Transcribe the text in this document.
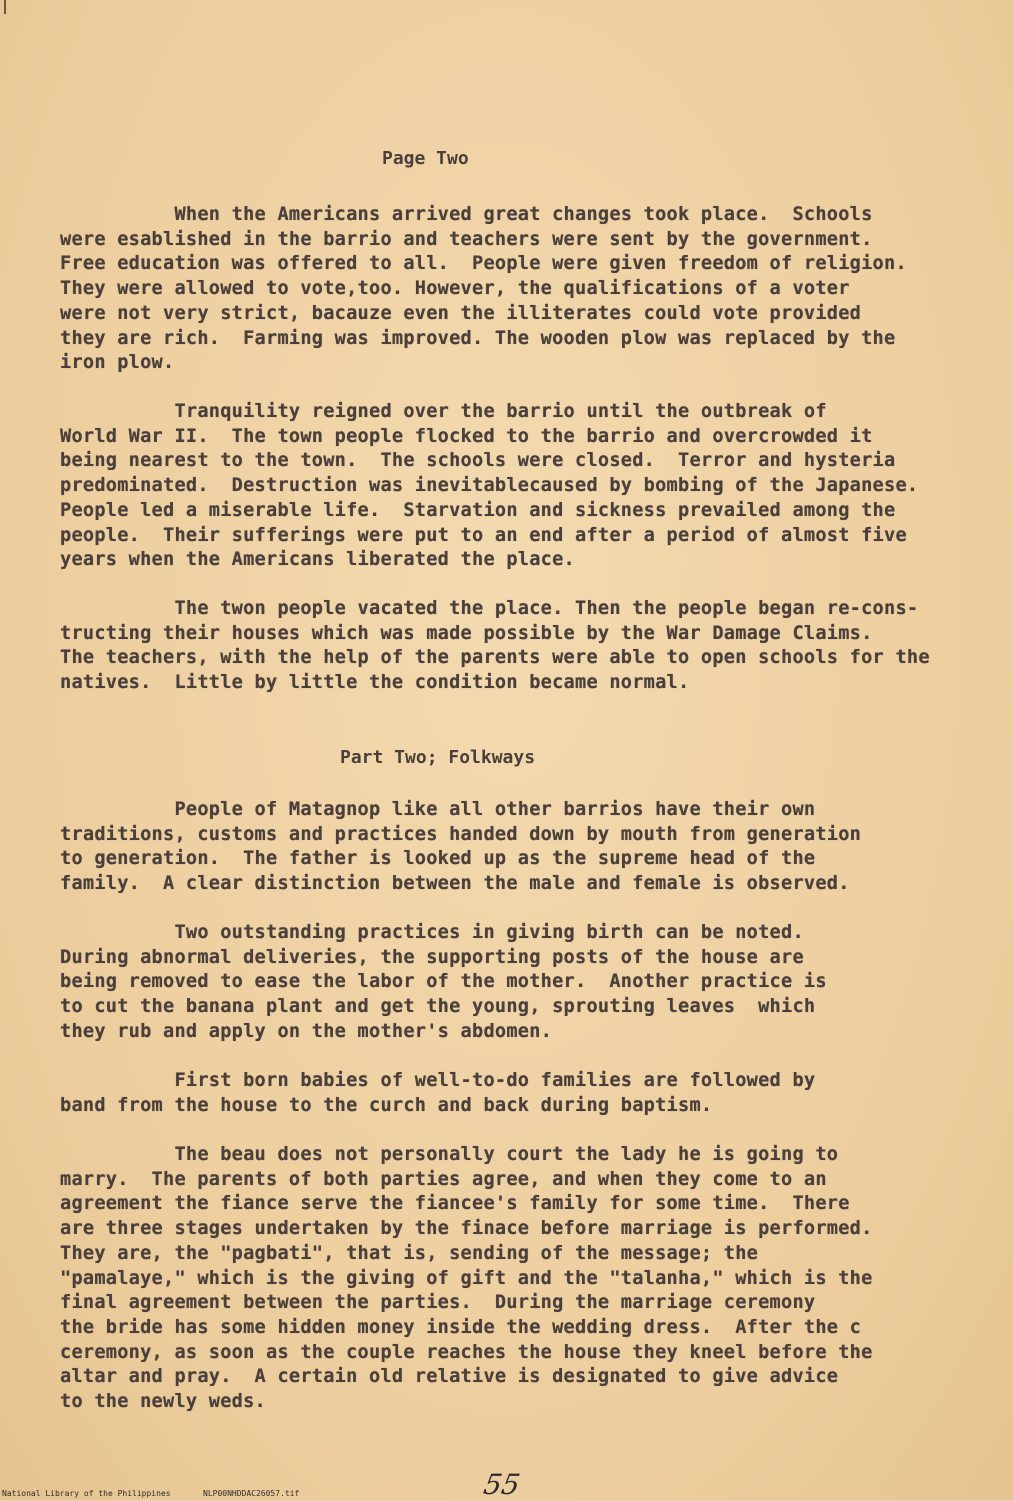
Page Two
When the Americans arrived great changes took place.  Schools
were esablished in the barrio and teachers were sent by the government.
Free education was offered to all.  People were given freedom of religion.
They were allowed to vote,too. However, the qualifications of a voter
were not very strict, bacauze even the illiterates could vote provided
they are rich.  Farming was improved. The wooden plow was replaced by the
iron plow.
Tranquility reigned over the barrio until the outbreak of
World War II.  The town people flocked to the barrio and overcrowded it
being nearest to the town.  The schools were closed.  Terror and hysteria
predominated.  Destruction was inevitablecaused by bombing of the Japanese.
People led a miserable life.  Starvation and sickness prevailed among the
people.  Their sufferings were put to an end after a period of almost five
years when the Americans liberated the place.
The twon people vacated the place. Then the people began re-cons-
tructing their houses which was made possible by the War Damage Claims.
The teachers, with the help of the parents were able to open schools for the
natives.  Little by little the condition became normal.
Part Two; Folkways
People of Matagnop like all other barrios have their own
traditions, customs and practices handed down by mouth from generation
to generation.  The father is looked up as the supreme head of the
family.  A clear distinction between the male and female is observed.
Two outstanding practices in giving birth can be noted.
During abnormal deliveries, the supporting posts of the house are
being removed to ease the labor of the mother.  Another practice is
to cut the banana plant and get the young, sprouting leaves  which
they rub and apply on the mother's abdomen.
First born babies of well-to-do families are followed by
band from the house to the curch and back during baptism.
The beau does not personally court the lady he is going to
marry.  The parents of both parties agree, and when they come to an
agreement the fiance serve the fiancee's family for some time.  There
are three stages undertaken by the finace before marriage is performed.
They are, the "pagbati", that is, sending of the message; the
"pamalaye," which is the giving of gift and the "talanha," which is the
final agreement between the parties.  During the marriage ceremony
the bride has some hidden money inside the wedding dress.  After the c
ceremony, as soon as the couple reaches the house they kneel before the
altar and pray.  A certain old relative is designated to give advice
to the newly weds.
55
National Library of the Philippines	NLP00NHDDAC26057.tif
